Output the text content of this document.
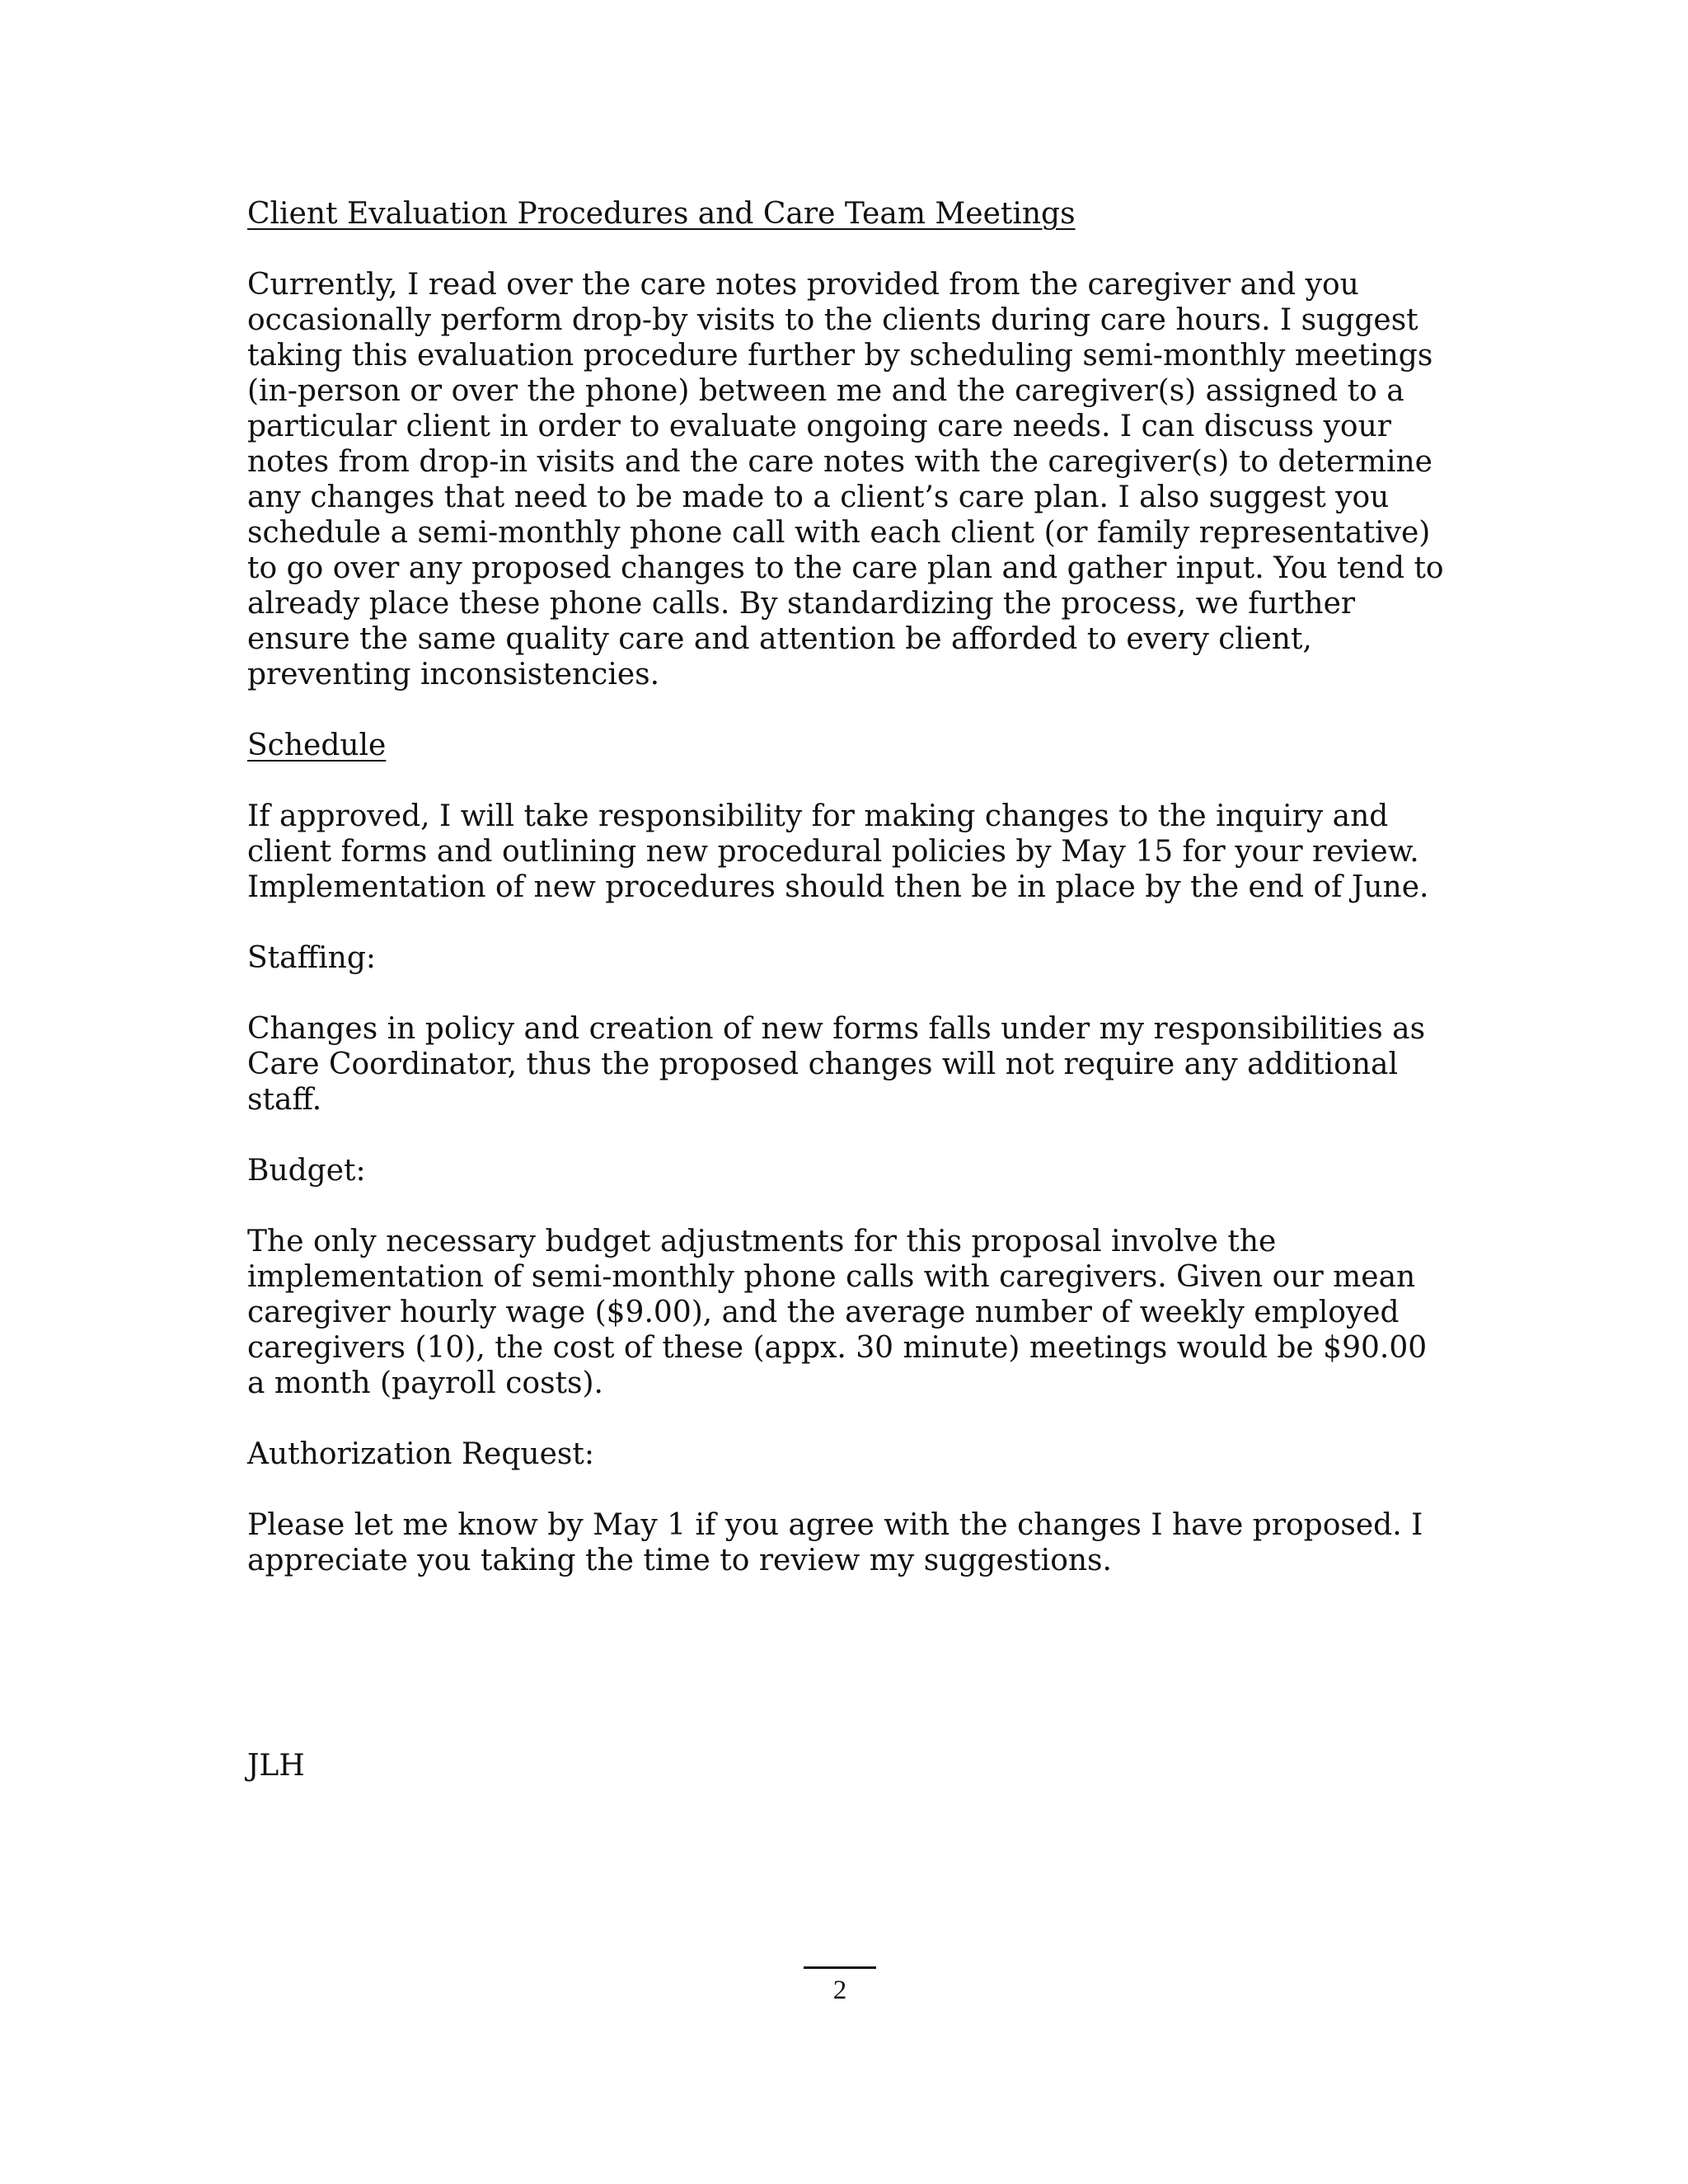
Client Evaluation Procedures and Care Team Meetings

Currently, I read over the care notes provided from the caregiver and you occasionally perform drop-by visits to the clients during care hours. I suggest taking this evaluation procedure further by scheduling semi-monthly meetings (in-person or over the phone) between me and the caregiver(s) assigned to a particular client in order to evaluate ongoing care needs. I can discuss your notes from drop-in visits and the care notes with the caregiver(s) to determine any changes that need to be made to a client’s care plan. I also suggest you schedule a semi-monthly phone call with each client (or family representative) to go over any proposed changes to the care plan and gather input. You tend to already place these phone calls. By standardizing the process, we further ensure the same quality care and attention be afforded to every client, preventing inconsistencies.

Schedule

If approved, I will take responsibility for making changes to the inquiry and client forms and outlining new procedural policies by May 15 for your review. Implementation of new procedures should then be in place by the end of June.

Staffing:

Changes in policy and creation of new forms falls under my responsibilities as Care Coordinator, thus the proposed changes will not require any additional staff.

Budget:

The only necessary budget adjustments for this proposal involve the implementation of semi-monthly phone calls with caregivers. Given our mean caregiver hourly wage ($9.00), and the average number of weekly employed caregivers (10), the cost of these (appx. 30 minute) meetings would be $90.00 a month (payroll costs).

Authorization Request:

Please let me know by May 1 if you agree with the changes I have proposed. I appreciate you taking the time to review my suggestions.

JLH
2
